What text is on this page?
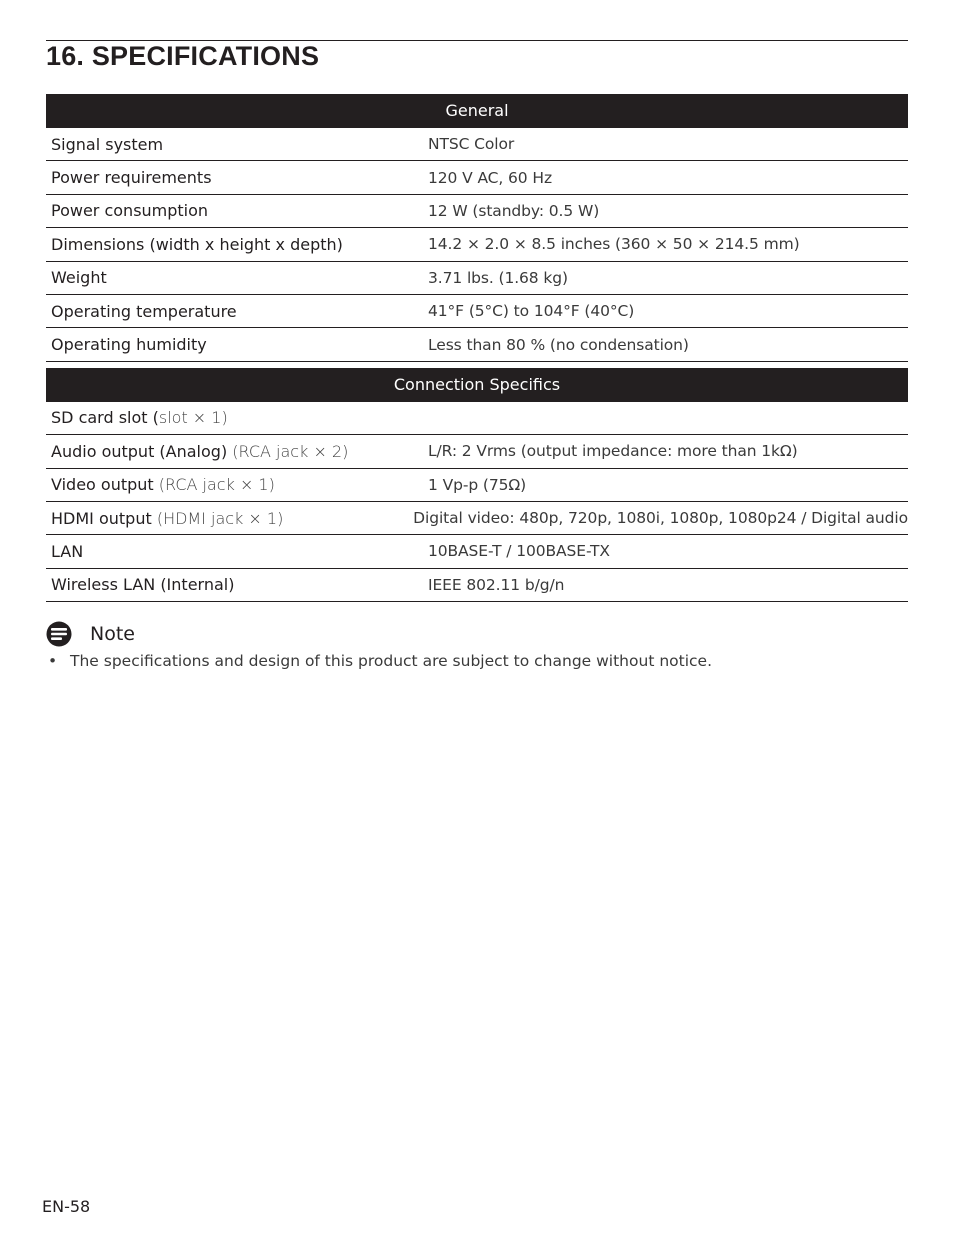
16. SPECIFICATIONS
General
Signal system	NTSC Color
Power requirements	120 V AC, 60 Hz
Power consumption	12 W (standby: 0.5 W)
Dimensions (width x height x depth)	14.2 × 2.0 × 8.5 inches (360 × 50 × 214.5 mm)
Weight	3.71 lbs. (1.68 kg)
Operating temperature	41°F (5°C) to 104°F (40°C)
Operating humidity	Less than 80 % (no condensation)
Connection Specifics
SD card slot (slot × 1)
Audio output (Analog) (RCA jack × 2)	L/R: 2 Vrms (output impedance: more than 1kΩ)
Video output (RCA jack × 1)	1 Vp-p (75Ω)
HDMI output (HDMI jack × 1)	Digital video: 480p, 720p, 1080i, 1080p, 1080p24 / Digital audio
LAN	10BASE-T / 100BASE-TX
Wireless LAN (Internal)	IEEE 802.11 b/g/n
Note
• The specifications and design of this product are subject to change without notice.
EN-58
